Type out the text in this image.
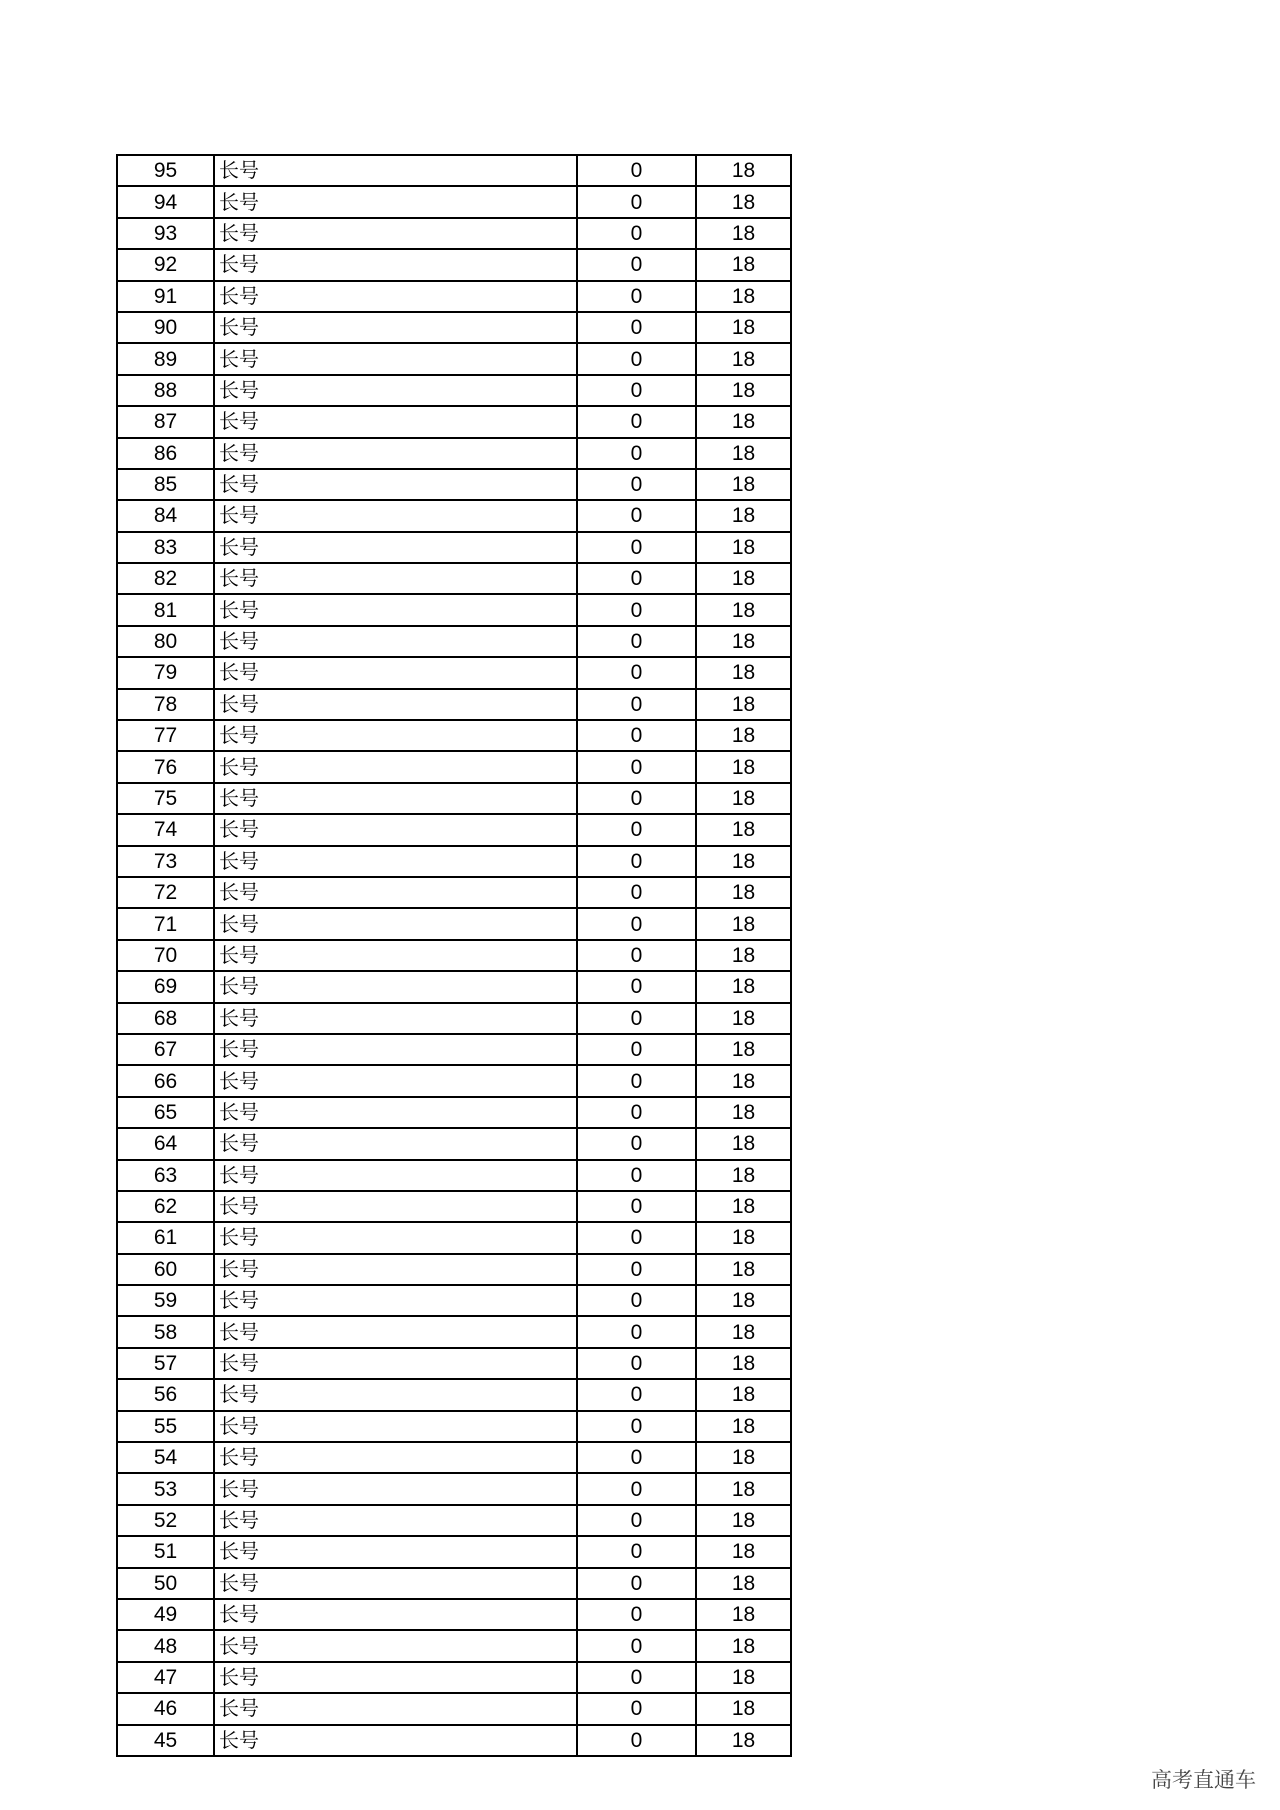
95	长号	0	18
94	长号	0	18
93	长号	0	18
92	长号	0	18
91	长号	0	18
90	长号	0	18
89	长号	0	18
88	长号	0	18
87	长号	0	18
86	长号	0	18
85	长号	0	18
84	长号	0	18
83	长号	0	18
82	长号	0	18
81	长号	0	18
80	长号	0	18
79	长号	0	18
78	长号	0	18
77	长号	0	18
76	长号	0	18
75	长号	0	18
74	长号	0	18
73	长号	0	18
72	长号	0	18
71	长号	0	18
70	长号	0	18
69	长号	0	18
68	长号	0	18
67	长号	0	18
66	长号	0	18
65	长号	0	18
64	长号	0	18
63	长号	0	18
62	长号	0	18
61	长号	0	18
60	长号	0	18
59	长号	0	18
58	长号	0	18
57	长号	0	18
56	长号	0	18
55	长号	0	18
54	长号	0	18
53	长号	0	18
52	长号	0	18
51	长号	0	18
50	长号	0	18
49	长号	0	18
48	长号	0	18
47	长号	0	18
46	长号	0	18
45	长号	0	18
高考直通车
